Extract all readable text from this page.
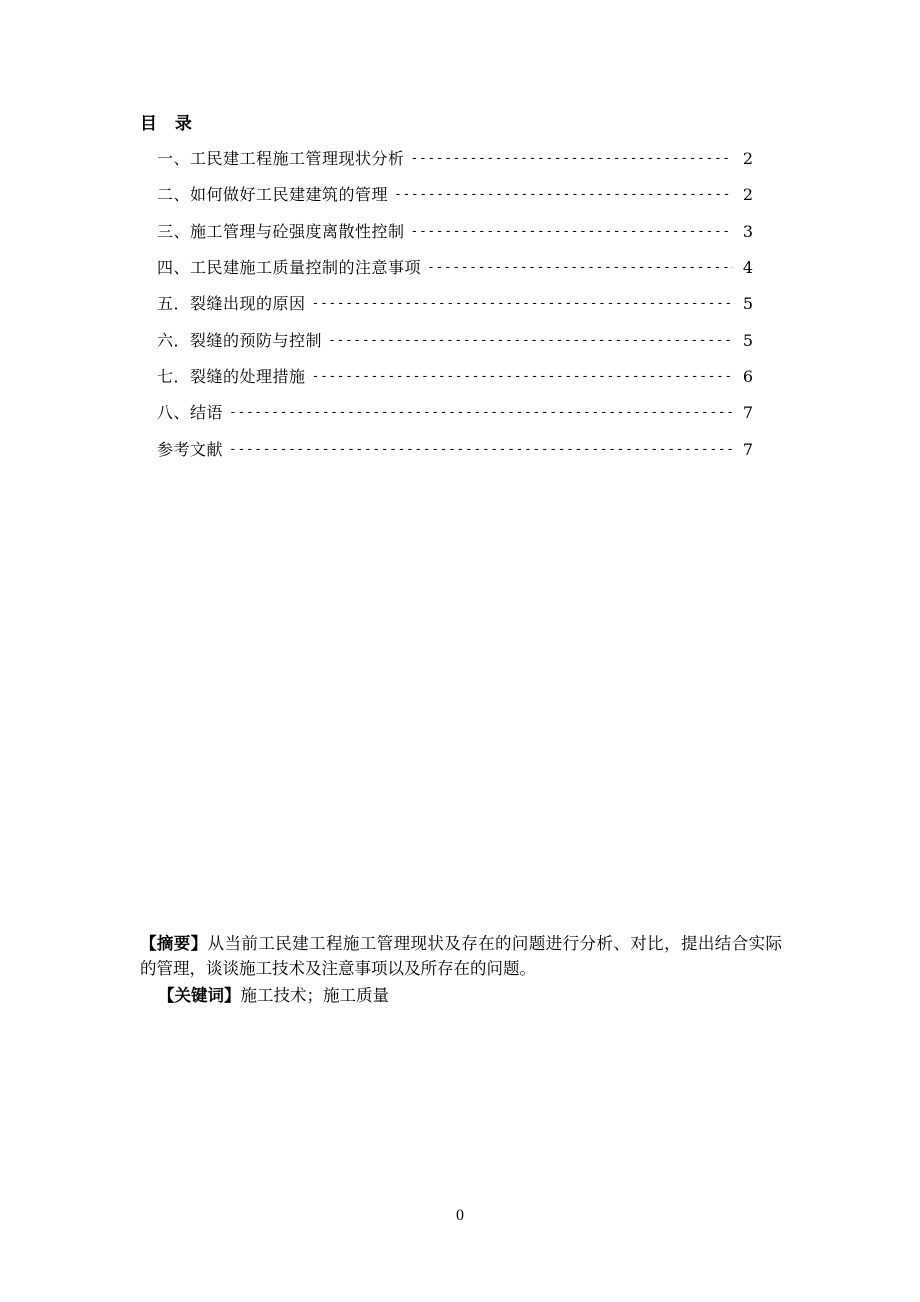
目 录
一、工民建工程施工管理现状分析 -----	2
二、如何做好工民建建筑的管理 -----	2
三、施工管理与砼强度离散性控制 -----	3
四、工民建施工质量控制的注意事项 -----	4
五．裂缝出现的原因 -----	5
六．裂缝的预防与控制 -----	5
七．裂缝的处理措施 -----	6
八、结语 -----	7
参考文献 -----	7
【摘要】从当前工民建工程施工管理现状及存在的问题进行分析、对比，提出结合实际的管理，谈谈施工技术及注意事项以及所存在的问题。
【关键词】施工技术；施工质量
0
